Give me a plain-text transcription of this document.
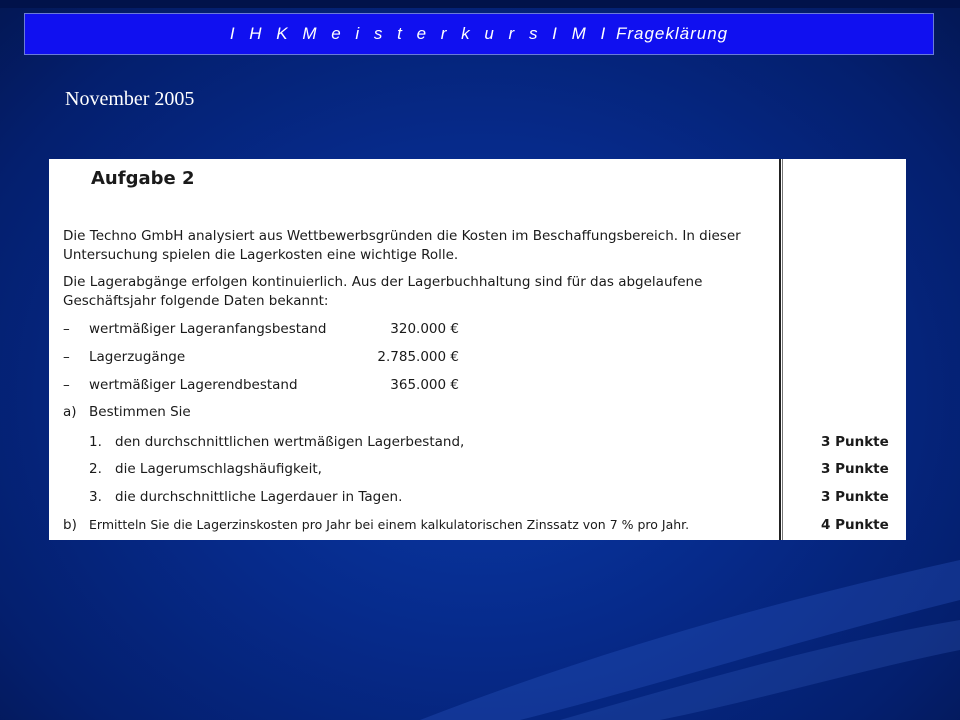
I H K M e i s t e r k u r s I M I Frageklärung
November 2005
Aufgabe 2
Die Techno GmbH analysiert aus Wettbewerbsgründen die Kosten im Beschaffungsbereich. In dieser Untersuchung spielen die Lagerkosten eine wichtige Rolle.
Die Lagerabgänge erfolgen kontinuierlich. Aus der Lagerbuchhaltung sind für das abgelaufene Geschäftsjahr folgende Daten bekannt:
– wertmäßiger Lageranfangsbestand	320.000 €
– Lagerzugänge	2.785.000 €
– wertmäßiger Lagerendbestand	365.000 €
a) Bestimmen Sie
1. den durchschnittlichen wertmäßigen Lagerbestand,	3 Punkte
2. die Lagerumschlagshäufigkeit,	3 Punkte
3. die durchschnittliche Lagerdauer in Tagen.	3 Punkte
b) Ermitteln Sie die Lagerzinskosten pro Jahr bei einem kalkulatorischen Zinssatz von 7 % pro Jahr.	4 Punkte
